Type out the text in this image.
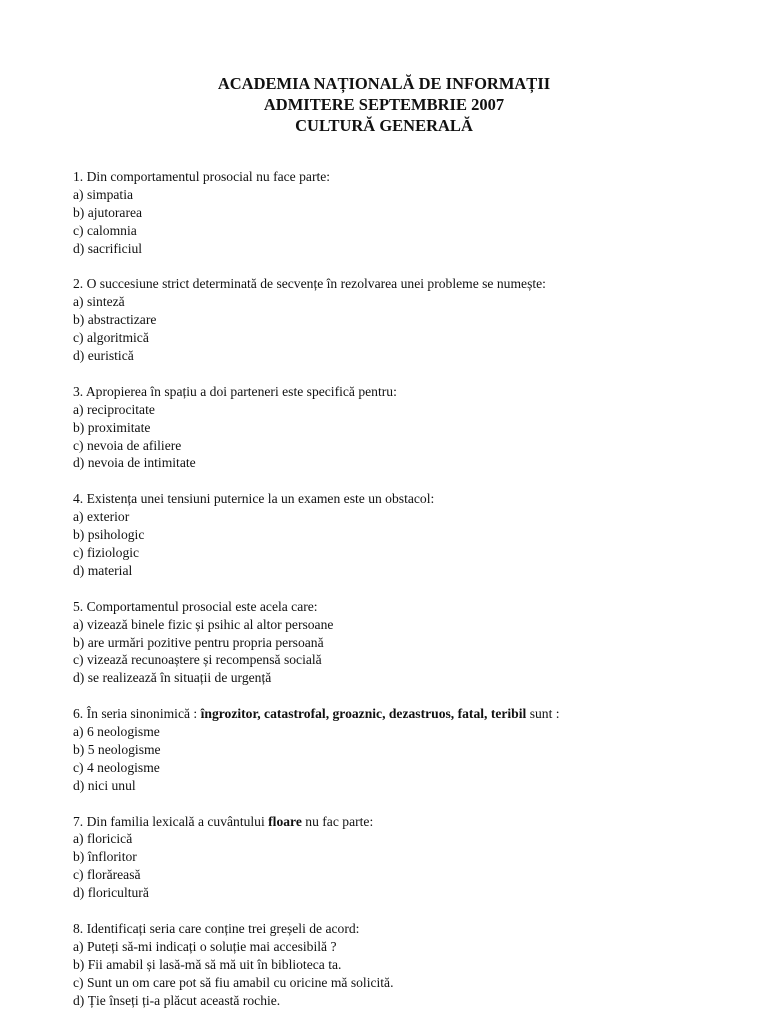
ACADEMIA NAȚIONALĂ DE INFORMAȚII
ADMITERE SEPTEMBRIE 2007
CULTURĂ GENERALĂ
1. Din comportamentul prosocial nu face parte:
a) simpatia
b) ajutorarea
c) calomnia
d) sacrificiul
2. O succesiune strict determinată de secvențe în rezolvarea unei probleme se numește:
a) sinteză
b) abstractizare
c) algoritmică
d) euristică
3. Apropierea în spațiu a doi parteneri este specifică pentru:
a) reciprocitate
b) proximitate
c) nevoia de afiliere
d) nevoia de intimitate
4. Existența unei tensiuni puternice la un examen este un obstacol:
a) exterior
b) psihologic
c) fiziologic
d) material
5. Comportamentul prosocial este acela care:
a) vizează binele fizic și psihic al altor persoane
b) are urmări pozitive pentru propria persoană
c) vizează recunoaștere și recompensă socială
d) se realizează în situații de urgență
6. În seria sinonimică : îngrozitor, catastrofal, groaznic, dezastruos, fatal, teribil sunt :
a) 6 neologisme
b) 5 neologisme
c) 4 neologisme
d) nici unul
7. Din familia lexicală a cuvântului floare nu fac parte:
a) floricică
b) înfloritor
c) florăreasă
d) floricultură
8. Identificați seria care conține trei greșeli de acord:
a) Puteți să-mi indicați o soluție mai accesibilă ?
b) Fii amabil și lasă-mă să mă uit în biblioteca ta.
c) Sunt un om care pot să fiu amabil cu oricine mă solicită.
d) Ție înseți ți-a plăcut această rochie.
